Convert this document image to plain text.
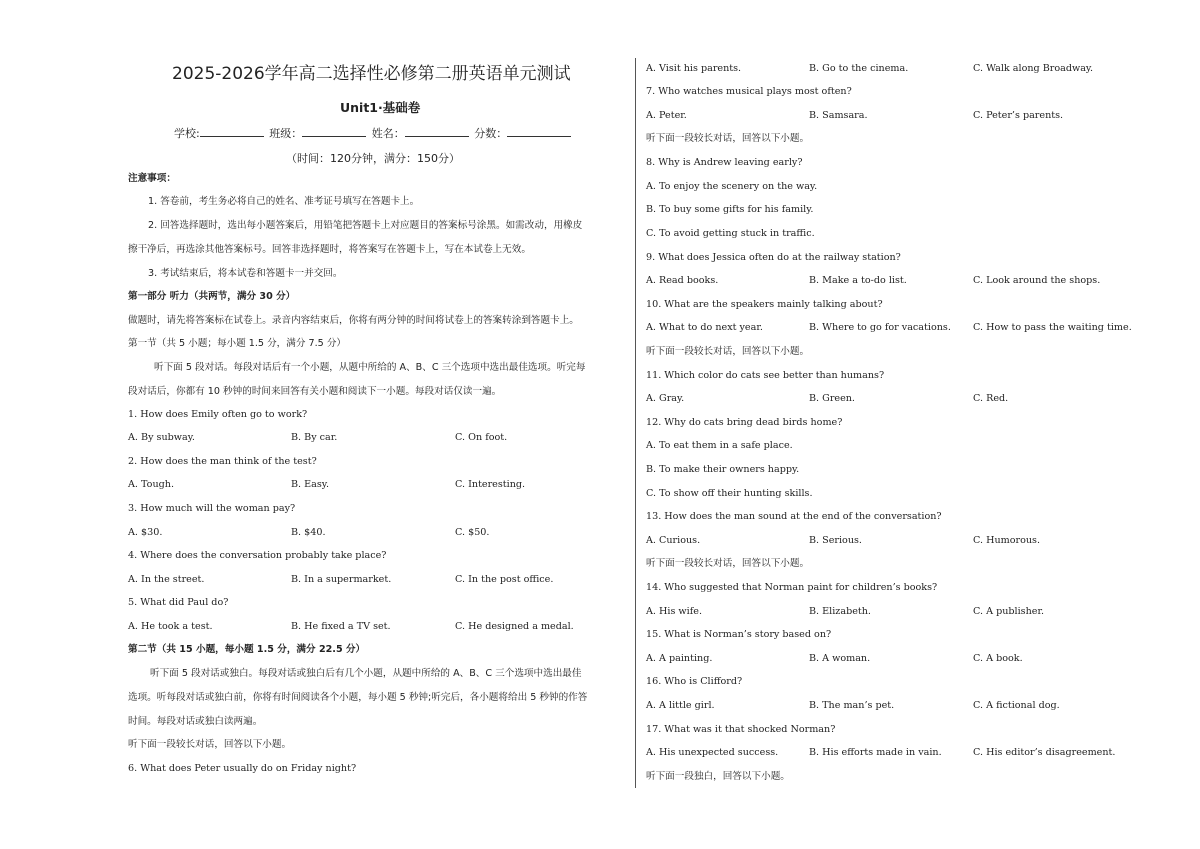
2025-2026学年高二选择性必修第二册英语单元测试
Unit1·基础卷
学校:	班级：	姓名：	分数：
（时间：120分钟，满分：150分）
注意事项：
1. 答卷前，考生务必将自己的姓名、准考证号填写在答题卡上。
2. 回答选择题时，选出每小题答案后，用铅笔把答题卡上对应题目的答案标号涂黑。如需改动，用橡皮
擦干净后，再选涂其他答案标号。回答非选择题时，将答案写在答题卡上，写在本试卷上无效。
3. 考试结束后，将本试卷和答题卡一并交回。
第一部分 听力（共两节，满分 30 分）
做题时，请先将答案标在试卷上。录音内容结束后，你将有两分钟的时间将试卷上的答案转涂到答题卡上。
第一节（共 5 小题；每小题 1.5 分，满分 7.5 分）
听下面 5 段对话。每段对话后有一个小题，从题中所给的 A、B、C 三个选项中选出最佳选项。听完每
段对话后，你都有 10 秒钟的时间来回答有关小题和阅读下一小题。每段对话仅读一遍。
1. How does Emily often go to work?
A. By subway.	B. By car.	C. On foot.
2. How does the man think of the test?
A. Tough.	B. Easy.	C. Interesting.
3. How much will the woman pay?
A. $30.	B. $40.	C. $50.
4. Where does the conversation probably take place?
A. In the street.	B. In a supermarket.	C. In the post office.
5. What did Paul do?
A. He took a test.	B. He fixed a TV set.	C. He designed a medal.
第二节（共 15 小题，每小题 1.5 分，满分 22.5 分）
听下面 5 段对话或独白。每段对话或独白后有几个小题，从题中所给的 A、B、C 三个选项中选出最佳
选项。听每段对话或独白前，你将有时间阅读各个小题，每小题 5 秒钟;听完后，各小题将给出 5 秒钟的作答
时间。每段对话或独白读两遍。
听下面一段较长对话，回答以下小题。
6. What does Peter usually do on Friday night?
A. Visit his parents.	B. Go to the cinema.	C. Walk along Broadway.
7. Who watches musical plays most often?
A. Peter.	B. Samsara.	C. Peter’s parents.
听下面一段较长对话，回答以下小题。
8. Why is Andrew leaving early?
A. To enjoy the scenery on the way.
B. To buy some gifts for his family.
C. To avoid getting stuck in traffic.
9. What does Jessica often do at the railway station?
A. Read books.	B. Make a to-do list.	C. Look around the shops.
10. What are the speakers mainly talking about?
A. What to do next year.	B. Where to go for vacations. C. How to pass the waiting time.
听下面一段较长对话，回答以下小题。
11. Which color do cats see better than humans?
A. Gray.	B. Green.	C. Red.
12. Why do cats bring dead birds home?
A. To eat them in a safe place.
B. To make their owners happy.
C. To show off their hunting skills.
13. How does the man sound at the end of the conversation?
A. Curious.	B. Serious.	C. Humorous.
听下面一段较长对话，回答以下小题。
14. Who suggested that Norman paint for children’s books?
A. His wife.	B. Elizabeth.	C. A publisher.
15. What is Norman’s story based on?
A. A painting.	B. A woman.	C. A book.
16. Who is Clifford?
A. A little girl.	B. The man’s pet.	C. A fictional dog.
17. What was it that shocked Norman?
A. His unexpected success.	B. His efforts made in vain.	C. His editor’s disagreement.
听下面一段独白，回答以下小题。
